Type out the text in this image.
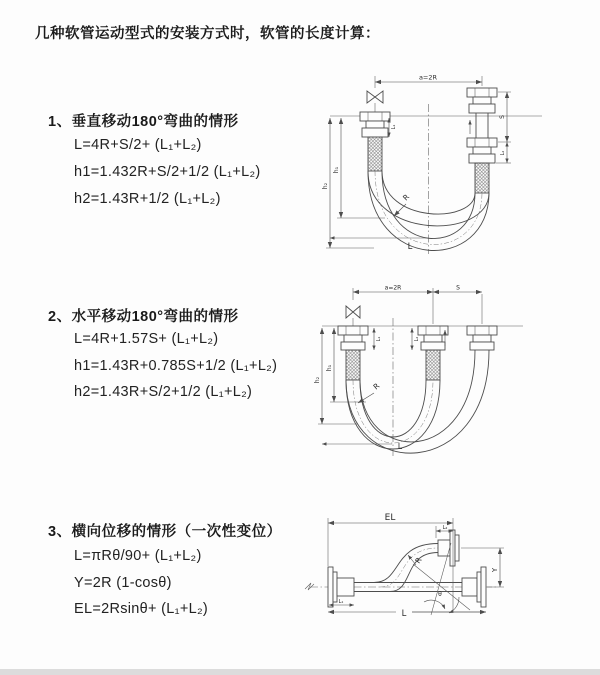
几种软管运动型式的安装方式时，软管的长度计算：
1、垂直移动180°弯曲的情形
L=4R+S/2+ (L₁+L₂)
h1=1.432R+S/2+1/2 (L₁+L₂)
h2=1.43R+1/2 (L₁+L₂)
2、水平移动180°弯曲的情形
L=4R+1.57S+ (L₁+L₂)
h1=1.43R+0.785S+1/2 (L₁+L₂)
h2=1.43R+S/2+1/2 (L₁+L₂)
3、横向位移的情形（一次性变位）
L=πRθ/90+ (L₁+L₂)
Y=2R (1-cosθ)
EL=2Rsinθ+ (L₁+L₂)
a=2R
h₂
h₁
L₁
S
L₂
R
L
a=2R	S
h₂
h₁
L₁	L₂
R
L
θ
EL
L₂
Y
R
L₁
L
